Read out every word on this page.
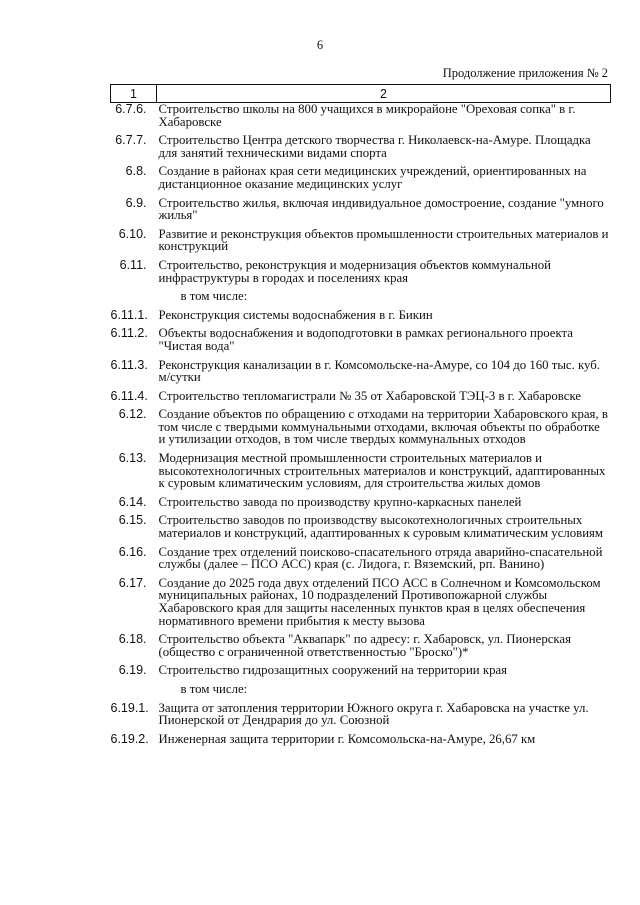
6
Продолжение приложения № 2
1	2
6.7.6.	Строительство школы на 800 учащихся в микрорайоне "Ореховая сопка" в г. Хабаровске
6.7.7.	Строительство Центра детского творчества г. Николаевск-на-Амуре. Площадка для занятий техническими видами спорта
6.8.	Создание в районах края сети медицинских учреждений, ориентированных на дистанционное оказание медицинских услуг
6.9.	Строительство жилья, включая индивидуальное домостроение, создание "умного жилья"
6.10.	Развитие и реконструкция объектов промышленности строительных материалов и конструкций
6.11.	Строительство, реконструкция и модернизация объектов коммунальной инфраструктуры в городах и поселениях края
	в том числе:
6.11.1.	Реконструкция системы водоснабжения в г. Бикин
6.11.2.	Объекты водоснабжения и водоподготовки в рамках регионального проекта "Чистая вода"
6.11.3.	Реконструкция канализации в г. Комсомольске-на-Амуре, со 104 до 160 тыс. куб. м/сутки
6.11.4.	Строительство тепломагистрали № 35 от Хабаровской ТЭЦ-3 в г. Хабаровске
6.12.	Создание объектов по обращению с отходами на территории Хабаровского края, в том числе с твердыми коммунальными отходами, включая объекты по обработке и утилизации отходов, в том числе твердых коммунальных отходов
6.13.	Модернизация местной промышленности строительных материалов и высокотехнологичных строительных материалов и конструкций, адаптированных к суровым климатическим условиям, для строительства жилых домов
6.14.	Строительство завода по производству крупно-каркасных панелей
6.15.	Строительство заводов по производству высокотехнологичных строительных материалов и конструкций, адаптированных к суровым климатическим условиям
6.16.	Создание трех отделений поисково-спасательного отряда аварийно-спасательной службы (далее – ПСО АСС) края (с. Лидога, г. Вяземский, рп. Ванино)
6.17.	Создание до 2025 года двух отделений ПСО АСС в Солнечном и Комсомольском муниципальных районах, 10 подразделений Противопожарной службы Хабаровского края для защиты населенных пунктов края в целях обеспечения нормативного времени прибытия к месту вызова
6.18.	Строительство объекта "Аквапарк" по адресу: г. Хабаровск, ул. Пионерская (общество с ограниченной ответственностью "Броско")*
6.19.	Строительство гидрозащитных сооружений на территории края
	в том числе:
6.19.1.	Защита от затопления территории Южного округа г. Хабаровска на участке ул. Пионерской от Дендрария до ул. Союзной
6.19.2.	Инженерная защита территории г. Комсомольска-на-Амуре, 26,67 км
